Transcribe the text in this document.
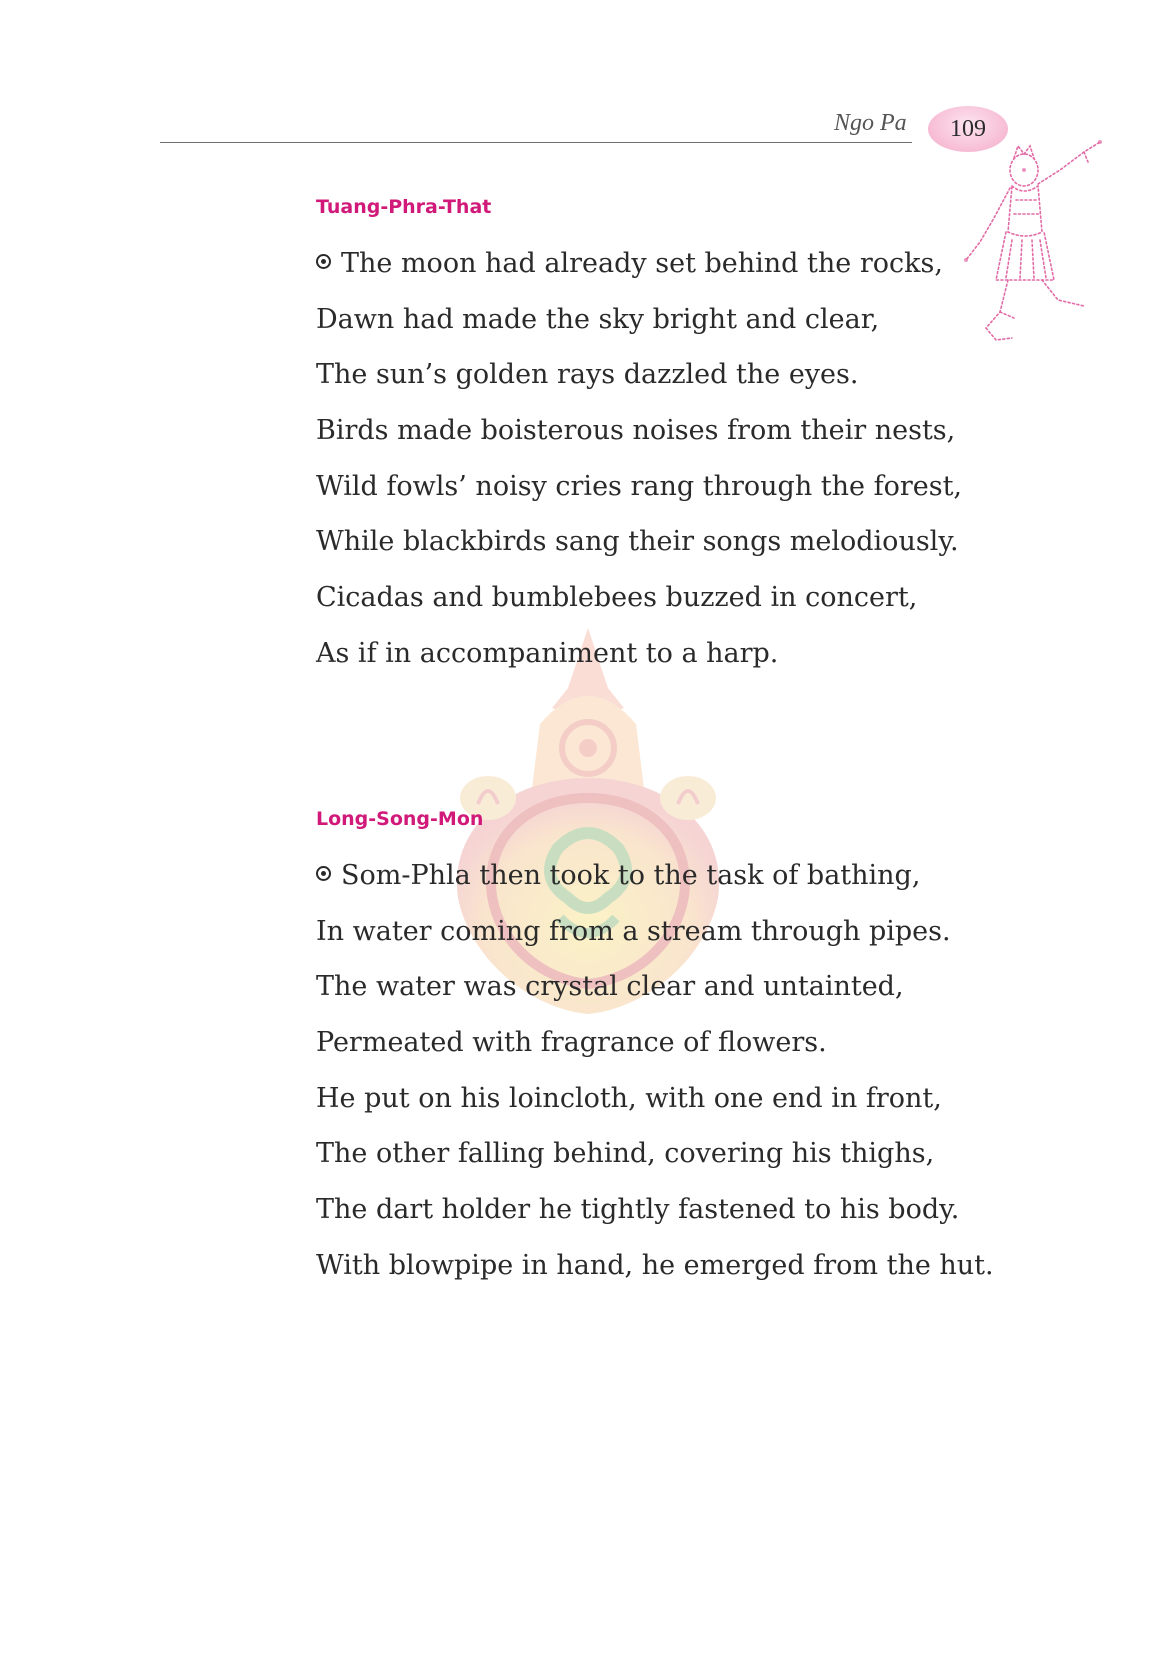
Ngo Pa 109
Tuang-Phra-That
The moon had already set behind the rocks,
Dawn had made the sky bright and clear,
The sun’s golden rays dazzled the eyes.
Birds made boisterous noises from their nests,
Wild fowls’ noisy cries rang through the forest,
While blackbirds sang their songs melodiously.
Cicadas and bumblebees buzzed in concert,
As if in accompaniment to a harp.
Long-Song-Mon
Som-Phla then took to the task of bathing,
In water coming from a stream through pipes.
The water was crystal clear and untainted,
Permeated with fragrance of flowers.
He put on his loincloth, with one end in front,
The other falling behind, covering his thighs,
The dart holder he tightly fastened to his body.
With blowpipe in hand, he emerged from the hut.
